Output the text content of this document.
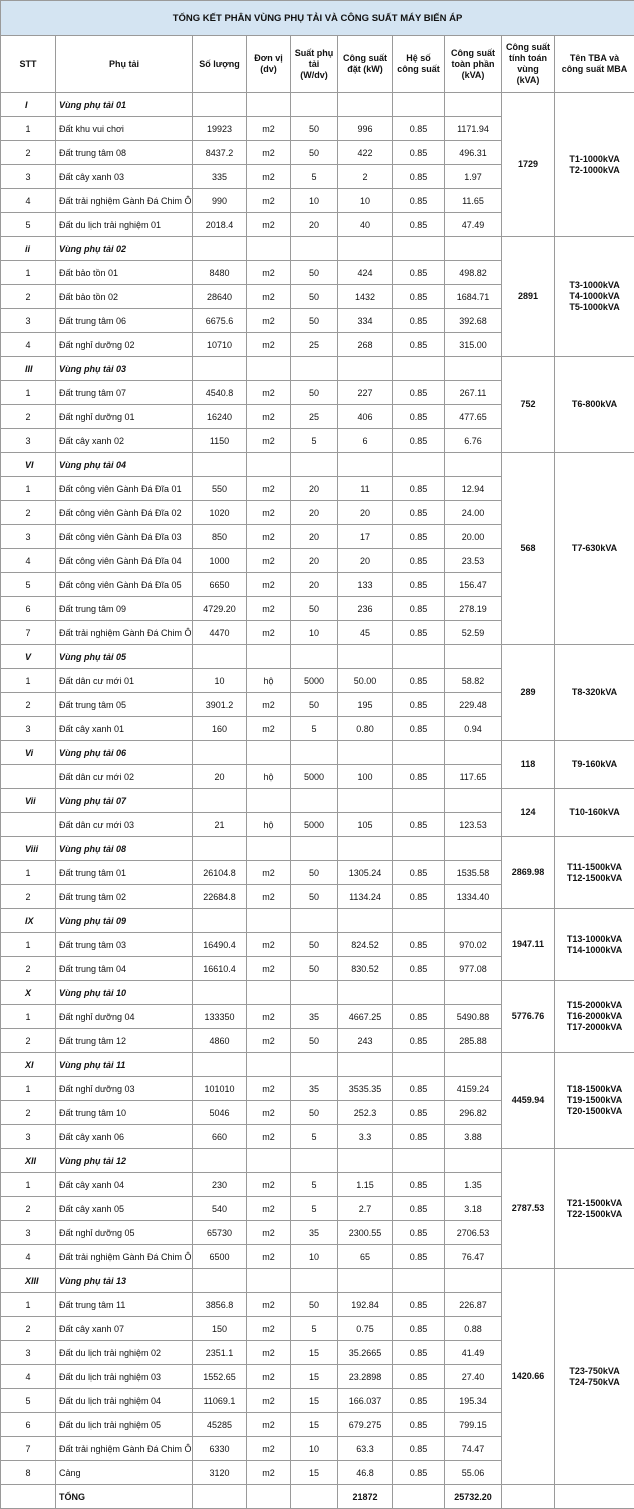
TỔNG KẾT PHÂN VÙNG PHỤ TẢI VÀ CÔNG SUẤT MÁY BIẾN ÁP									
STT	Phụ tải	Số lượng	Đơn vị (dv)	Suất phụ tải (W/dv)	Công suất đặt (kW)	Hệ số công suất	Công suất toàn phần (kVA)	Công suất tính toán vùng (kVA)	Tên TBA và công suất MBA
I	Vùng phụ tải 01							1729	T1-1000kVA
T2-1000kVA

1	Đất khu vui chơi	19923	m2	50	996	0.85	1171.94		
2	Đất trung tâm 08	8437.2	m2	50	422	0.85	496.31		
3	Đất cây xanh 03	335	m2	5	2	0.85	1.97		
4	Đất trải nghiệm Gành Đá Chim Ô	990	m2	10	10	0.85	11.65		
5	Đất du lịch trải nghiệm 01	2018.4	m2	20	40	0.85	47.49		
ii	Vùng phụ tải 02							2891	T3-1000kVA
T4-1000kVA
T5-1000kVA

1	Đất bảo tồn 01	8480	m2	50	424	0.85	498.82		
2	Đất bảo tồn 02	28640	m2	50	1432	0.85	1684.71		
3	Đất trung tâm 06	6675.6	m2	50	334	0.85	392.68		
4	Đất nghỉ dưỡng 02	10710	m2	25	268	0.85	315.00		
III	Vùng phụ tải 03							752	T6-800kVA

1	Đất trung tâm 07	4540.8	m2	50	227	0.85	267.11		
2	Đất nghỉ dưỡng 01	16240	m2	25	406	0.85	477.65		
3	Đất cây xanh 02	1150	m2	5	6	0.85	6.76		
VI	Vùng phụ tải 04							568	T7-630kVA

1	Đất công viên Gành Đá Đĩa 01	550	m2	20	11	0.85	12.94		
2	Đất công viên Gành Đá Đĩa 02	1020	m2	20	20	0.85	24.00		
3	Đất công viên Gành Đá Đĩa 03	850	m2	20	17	0.85	20.00		
4	Đất công viên Gành Đá Đĩa 04	1000	m2	20	20	0.85	23.53		
5	Đất công viên Gành Đá Đĩa 05	6650	m2	20	133	0.85	156.47		
6	Đất trung tâm 09	4729.20	m2	50	236	0.85	278.19		
7	Đất trải nghiệm Gành Đá Chim Ô	4470	m2	10	45	0.85	52.59		
V	Vùng phụ tải 05							289	T8-320kVA

1	Đất dân cư mới 01	10	hộ	5000	50.00	0.85	58.82		
2	Đất trung tâm 05	3901.2	m2	50	195	0.85	229.48		
3	Đất cây xanh 01	160	m2	5	0.80	0.85	0.94		
Vi	Vùng phụ tải 06							118	T9-160kVA

	Đất dân cư mới 02	20	hộ	5000	100	0.85	117.65		
Vii	Vùng phụ tải 07							124	T10-160kVA

	Đất dân cư mới 03	21	hộ	5000	105	0.85	123.53		
Viii	Vùng phụ tải 08							2869.98	T11-1500kVA
T12-1500kVA

1	Đất trung tâm 01	26104.8	m2	50	1305.24	0.85	1535.58		
2	Đất trung tâm 02	22684.8	m2	50	1134.24	0.85	1334.40		
IX	Vùng phụ tải 09							1947.11	T13-1000kVA
T14-1000kVA

1	Đất trung tâm 03	16490.4	m2	50	824.52	0.85	970.02		
2	Đất trung tâm 04	16610.4	m2	50	830.52	0.85	977.08		
X	Vùng phụ tải 10							5776.76	T15-2000kVA
T16-2000kVA
T17-2000kVA

1	Đất nghỉ dưỡng 04	133350	m2	35	4667.25	0.85	5490.88		
2	Đất trung tâm 12	4860	m2	50	243	0.85	285.88		
XI	Vùng phụ tải 11							4459.94	T18-1500kVA
T19-1500kVA
T20-1500kVA

1	Đất nghỉ dưỡng 03	101010	m2	35	3535.35	0.85	4159.24		
2	Đất trung tâm 10	5046	m2	50	252.3	0.85	296.82		
3	Đất cây xanh 06	660	m2	5	3.3	0.85	3.88		
XII	Vùng phụ tải 12							2787.53	T21-1500kVA
T22-1500kVA

1	Đất cây xanh 04	230	m2	5	1.15	0.85	1.35		
2	Đất cây xanh 05	540	m2	5	2.7	0.85	3.18		
3	Đất nghỉ dưỡng 05	65730	m2	35	2300.55	0.85	2706.53		
4	Đất trải nghiệm Gành Đá Chim Ô	6500	m2	10	65	0.85	76.47		
XIII	Vùng phụ tải 13							1420.66	T23-750kVA
T24-750kVA

1	Đất trung tâm 11	3856.8	m2	50	192.84	0.85	226.87		
2	Đất cây xanh 07	150	m2	5	0.75	0.85	0.88		
3	Đất du lịch trải nghiệm 02	2351.1	m2	15	35.2665	0.85	41.49		
4	Đất du lịch trải nghiệm 03	1552.65	m2	15	23.2898	0.85	27.40		
5	Đất du lịch trải nghiệm 04	11069.1	m2	15	166.037	0.85	195.34		
6	Đất du lịch trải nghiệm 05	45285	m2	15	679.275	0.85	799.15		
7	Đất trải nghiệm Gành Đá Chim Ô	6330	m2	10	63.3	0.85	74.47		
8	Cảng	3120	m2	15	46.8	0.85	55.06		
	TỔNG				21872		25732.20		
